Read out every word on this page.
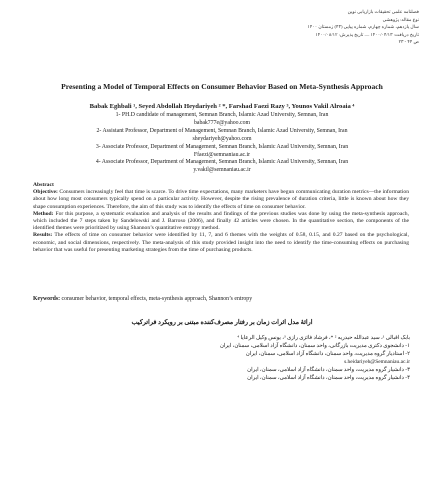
فصلنامه علمی تحقیقات بازاریابی نوین
نوع مقاله: پژوهشی
سال یازدهم، شماره چهارم، شماره پیاپی (۴۳) زمستان ۱۴۰۰
تاریخ دریافت: ۱۴۰۰/۰۴/۱۳ — تاریخ پذیرش: ۱۴۰۰/۰۸/۱۲
ص ۴۴ - ۲۳
Presenting a Model of Temporal Effects on Consumer Behavior Based on Meta-Synthesis Approach
Babak Eghbali ¹, Seyed Abdollah Heydariyeh ² *, Farshad Faezi Razy ³, Younos Vakil Alroaia ⁴
1- PH.D candidate of management, Semnan Branch, Islamic Azad University, Semnan, Iran
babak777e@yahoo.com
2- Assistant Professor, Department of Management, Semnan Branch, Islamic Azad University, Semnan, Iran
sheydariyeh@yahoo.com
3- Associate Professor, Department of Management, Semnan Branch, Islamic Azad University, Semnan, Iran
Ffaezi@semnaniau.ac.ir
4- Associate Professor, Department of Management, Semnan Branch, Islamic Azad University, Semnan, Iran
y.vakil@semnaniau.ac.ir

Abstract

Objective: Consumers increasingly feel that time is scarce. To drive time expectations, many marketers have begun communicating duration metrics—the information about how long most consumers typically spend on a particular activity. However, despite the rising prevalence of duration criteria, little is known about how they shape consumption experiences. Therefore, the aim of this study was to identify the effects of time on consumer behavior.

Method: For this purpose, a systematic evaluation and analysis of the results and findings of the previous studies was done by using the meta-synthesis approach, which included the 7 steps taken by Sandelowski and J. Barroso (2006), and finally 42 articles were chosen. In the quantitative section, the components of the identified themes were prioritized by using Shannon’s quantitative entropy method.

Results: The effects of time on consumer behavior were identified by 11, 7, and 6 themes with the weights of 0.58, 0.15, and 0.27 based on the psychological, economic, and social dimensions, respectively. The meta-analysis of this study provided insight into the need to identify the time-consuming effects on purchasing behavior that was useful for presenting marketing strategies from the time of purchasing products.

Keywords: consumer behavior, temporal effects, meta-synthesis approach, Shannon’s entropy
ارائهٔ مدل اثرات زمان بر رفتار مصرف‌کننده مبتنی بر رویکرد فراترکیب
بابک اقبالی ¹، سید عبدالله حیدریه ² *، فرشاد فائزی رازی ³، یونس وکیل الرعایا ⁴
۱- دانشجوی دکتری مدیریت بازرگانی، واحد سمنان، دانشگاه آزاد اسلامی، سمنان، ایران
۲- استادیار گروه مدیریت، واحد سمنان، دانشگاه آزاد اسلامی، سمنان، ایران
s.heidariyeh@Semnaniau.ac.ir
۳- دانشیار گروه مدیریت، واحد سمنان، دانشگاه آزاد اسلامی، سمنان، ایران
۴- دانشیار گروه مدیریت، واحد سمنان، دانشگاه آزاد اسلامی، سمنان، ایران
